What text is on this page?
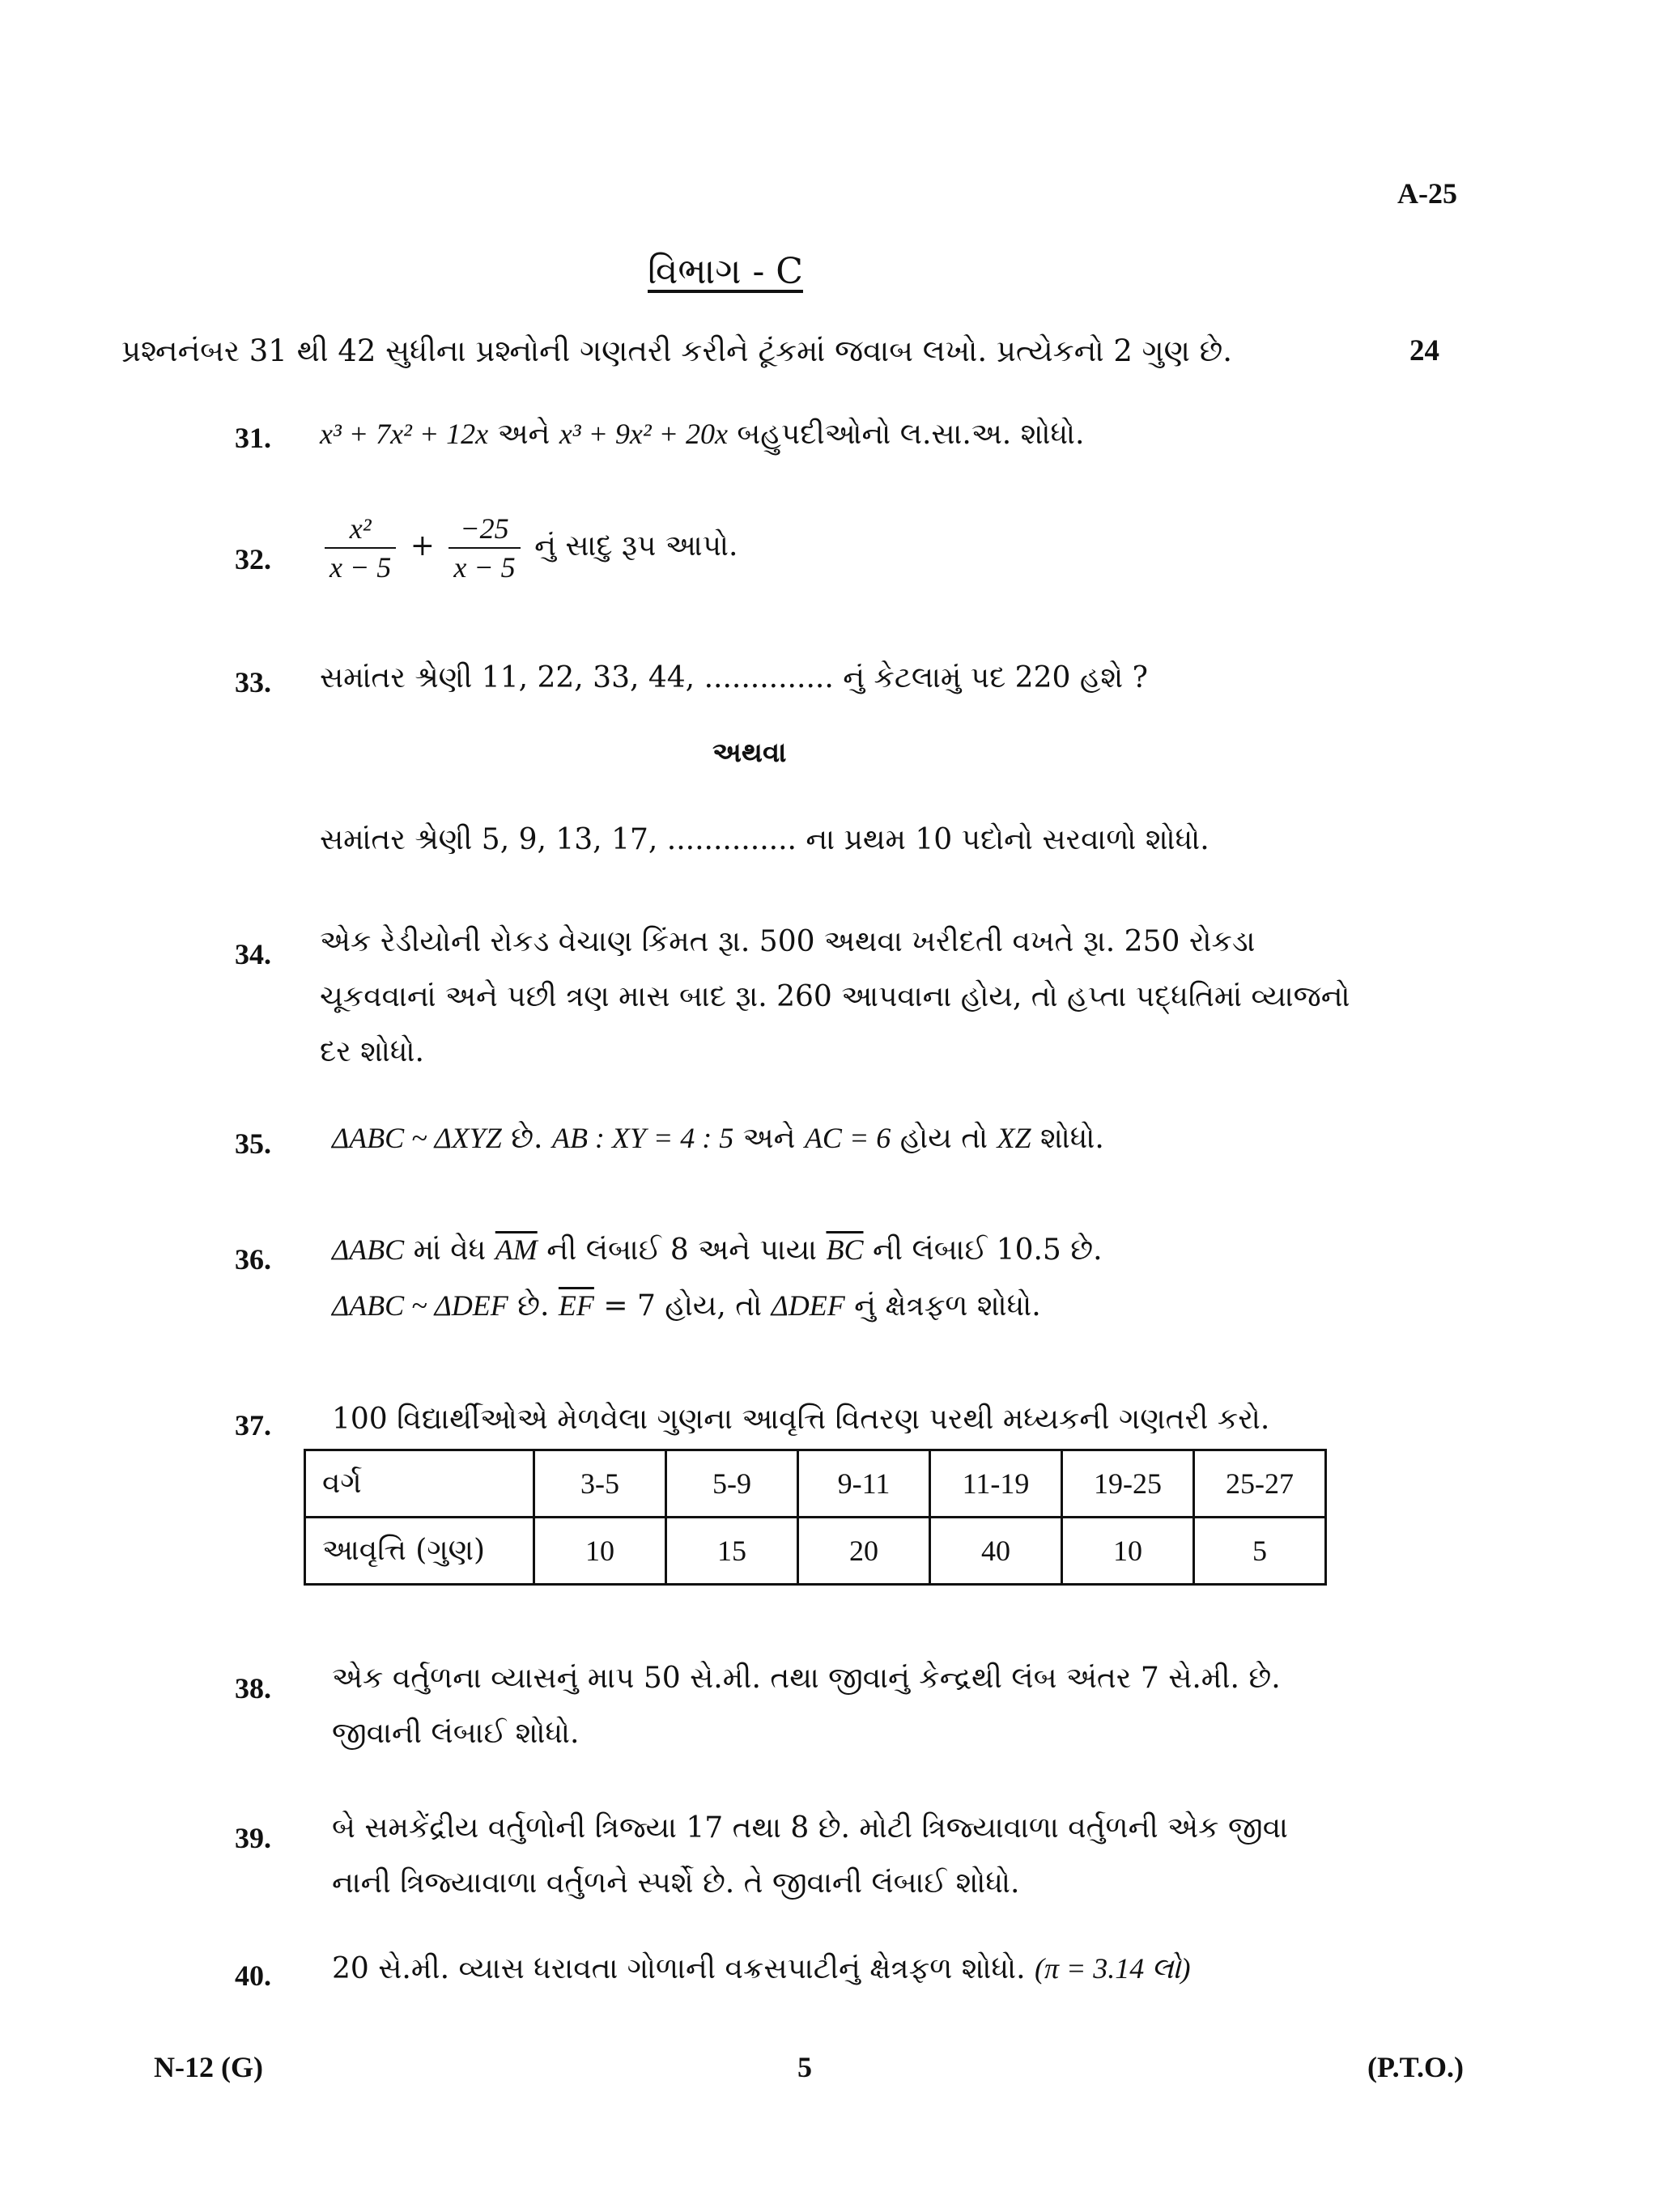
A-25
વિભાગ - C
પ્રશ્નનંબર 31 થી 42 સુધીના પ્રશ્નોની ગણતરી કરીને ટૂંકમાં જવાબ લખો. પ્રત્યેકનો 2 ગુણ છે.	24
31. x³ + 7x² + 12x અને x³ + 9x² + 20x બહુપદીઓનો લ.સા.અ. શોધો.
32. $\frac{\text{x²}}{x - 5} + \frac{-25}{x - 5}$ નું સાદુ રૂપ આપો.
33. સમાંતર શ્રેણી 11, 22, 33, 44, .............. નું કેટલામું પદ 220 હશે ?
અથવા
સમાંતર શ્રેણી 5, 9, 13, 17, .............. ના પ્રથમ 10 પદોનો સરવાળો શોધો.
34. એક રેડીયોની રોકડ વેચાણ કિંમત રૂા. 500 અથવા ખરીદતી વખતે રૂા. 250 રોકડા
ચૂકવવાનાં અને પછી ત્રણ માસ બાદ રૂા. 260 આપવાના હોય, તો હપ્તા પદ્ધતિમાં વ્યાજનો
દર શોધો.
35. ΔABC ~ ΔXYZ છે. AB : XY = 4 : 5 અને AC = 6 હોય તો XZ શોધો.
36. ΔABC માં વેધ $\overline{AM}$ ની લંબાઈ 8 અને પાયા $\overline{BC}$ ની લંબાઈ 10.5 છે.
ΔABC ~ ΔDEF છે. $\overline{EF} = 7$ હોય, તો ΔDEF નું ક્ષેત્રફળ શોધો.
37. 100 વિદ્યાર્થીઓએ મેળવેલા ગુણના આવૃત્તિ વિતરણ પરથી મધ્યકની ગણતરી કરો.
વર્ગ	3-5	5-9	9-11	11-19	19-25	25-27
આવૃત્તિ (ગુણ)	10	15	20	40	10	5
38. એક વર્તુળના વ્યાસનું માપ 50 સે.મી. તથા જીવાનું કેન્દ્રથી લંબ અંતર 7 સે.મી. છે.
જીવાની લંબાઈ શોધો.
39. બે સમકેંદ્રીય વર્તુળોની ત્રિજ્યા 17 તથા 8 છે. મોટી ત્રિજ્યાવાળા વર્તુળની એક જીવા
નાની ત્રિજ્યાવાળા વર્તુળને સ્પર્શે છે. તે જીવાની લંબાઈ શોધો.
40. 20 સે.મી. વ્યાસ ધરાવતા ગોળાની વક્રસપાટીનું ક્ષેત્રફળ શોધો. (π = 3.14 લો)
N-12 (G)	5	(P.T.O.)
